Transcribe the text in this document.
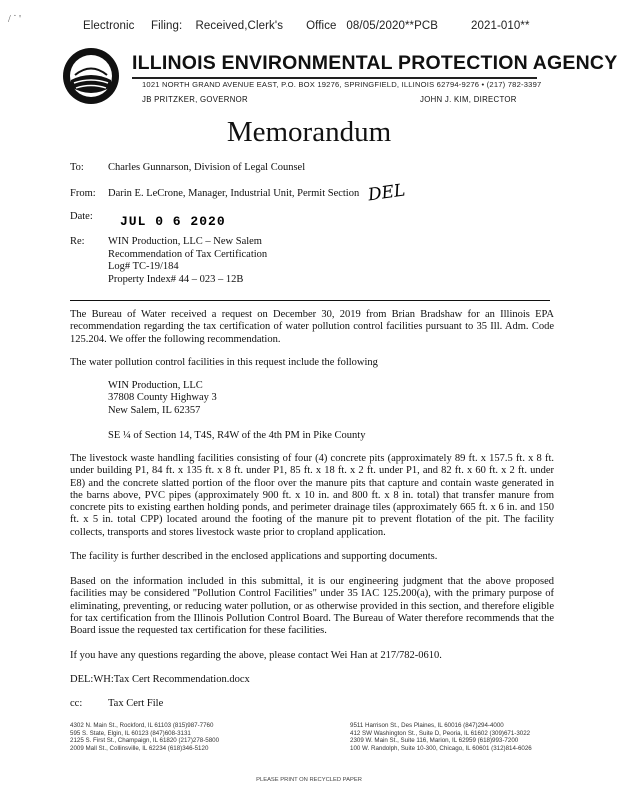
/ ˙ '
Electronic     Filing:    Received,Clerk's       Office   08/05/2020**PCB          2021-010**
ILLINOIS ENVIRONMENTAL PROTECTION AGENCY
1021 NORTH GRAND AVENUE EAST, P.O. BOX 19276, SPRINGFIELD, ILLINOIS 62794-9276 • (217) 782-3397
JB PRITZKER, GOVERNOR	JOHN J. KIM, DIRECTOR
Memorandum
To: Charles Gunnarson, Division of Legal Counsel
From: Darin E. LeCrone, Manager, Industrial Unit, Permit Section DEL
Date: JUL 0 6 2020
Re: WIN Production, LLC – New Salem
Recommendation of Tax Certification
Log# TC-19/184
Property Index# 44 – 023 – 12B
The Bureau of Water received a request on December 30, 2019 from Brian Bradshaw for an Illinois EPA recommendation regarding the tax certification of water pollution control facilities pursuant to 35 Ill. Adm. Code 125.204. We offer the following recommendation.
The water pollution control facilities in this request include the following
WIN Production, LLC
37808 County Highway 3
New Salem, IL 62357
SE ¼ of Section 14, T4S, R4W of the 4th PM in Pike County
The livestock waste handling facilities consisting of four (4) concrete pits (approximately 89 ft. x 157.5 ft. x 8 ft. under building P1, 84 ft. x 135 ft. x 8 ft. under P1, 85 ft. x 18 ft. x 2 ft. under P1, and 82 ft. x 60 ft. x 2 ft. under E8) and the concrete slatted portion of the floor over the manure pits that capture and contain waste generated in the barns above, PVC pipes (approximately 900 ft. x 10 in. and 800 ft. x 8 in. total) that transfer manure from concrete pits to existing earthen holding ponds, and perimeter drainage tiles (approximately 665 ft. x 6 in. and 150 ft. x 5 in. total CPP) located around the footing of the manure pit to prevent flotation of the pit. The facility collects, transports and stores livestock waste prior to cropland application.
The facility is further described in the enclosed applications and supporting documents.
Based on the information included in this submittal, it is our engineering judgment that the above proposed facilities may be considered "Pollution Control Facilities" under 35 IAC 125.200(a), with the primary purpose of eliminating, preventing, or reducing water pollution, or as otherwise provided in this section, and therefore eligible for tax certification from the Illinois Pollution Control Board. The Bureau of Water therefore recommends that the Board issue the requested tax certification for these facilities.
If you have any questions regarding the above, please contact Wei Han at 217/782-0610.
DEL:WH:Tax Cert Recommendation.docx
cc: Tax Cert File
4302 N. Main St., Rockford, IL 61103 (815)987-7760
595 S. State, Elgin, IL 60123 (847)608-3131
2125 S. First St., Champaign, IL 61820 (217)278-5800
2009 Mall St., Collinsville, IL 62234 (618)346-5120
9511 Harrison St., Des Plaines, IL 60016 (847)294-4000
412 SW Washington St., Suite D, Peoria, IL 61602 (309)671-3022
2309 W. Main St., Suite 116, Marion, IL 62959 (618)993-7200
100 W. Randolph, Suite 10-300, Chicago, IL 60601 (312)814-6026
PLEASE PRINT ON RECYCLED PAPER
